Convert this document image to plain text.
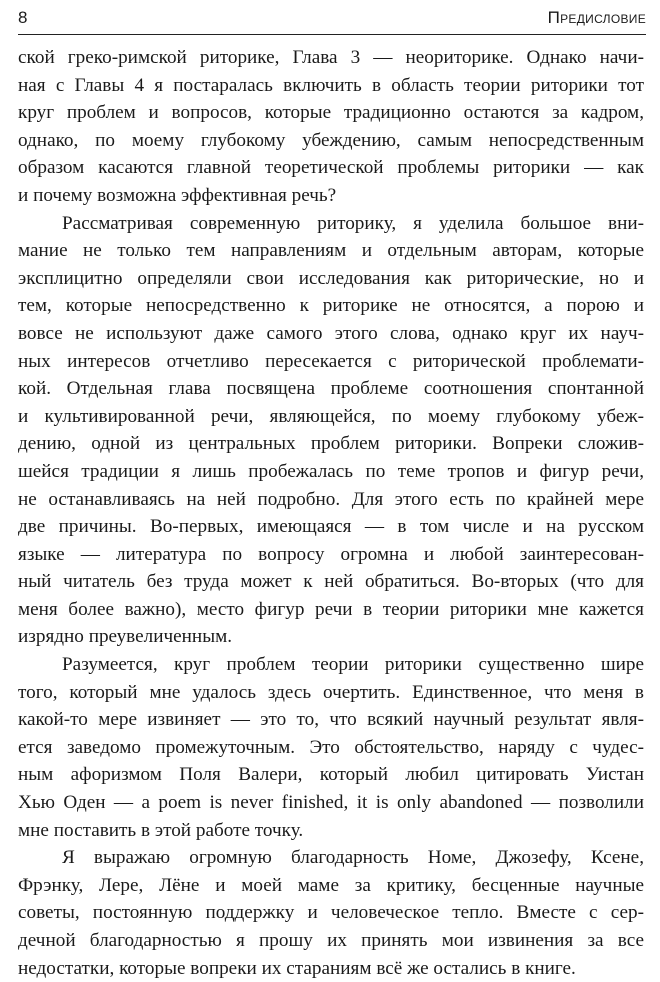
8	Предисловие
ской греко-римской риторике, Глава 3 — неориторике. Однако начи-
ная с Главы 4 я постаралась включить в область теории риторики тот
круг проблем и вопросов, которые традиционно остаются за кадром,
однако, по моему глубокому убеждению, самым непосредственным
образом касаются главной теоретической проблемы риторики — как
и почему возможна эффективная речь?
Рассматривая современную риторику, я уделила большое вни-
мание не только тем направлениям и отдельным авторам, которые
эксплицитно определяли свои исследования как риторические, но и
тем, которые непосредственно к риторике не относятся, а порою и
вовсе не используют даже самого этого слова, однако круг их науч-
ных интересов отчетливо пересекается с риторической проблемати-
кой. Отдельная глава посвящена проблеме соотношения спонтанной
и культивированной речи, являющейся, по моему глубокому убеж-
дению, одной из центральных проблем риторики. Вопреки сложив-
шейся традиции я лишь пробежалась по теме тропов и фигур речи,
не останавливаясь на ней подробно. Для этого есть по крайней мере
две причины. Во-первых, имеющаяся — в том числе и на русском
языке — литература по вопросу огромна и любой заинтересован-
ный читатель без труда может к ней обратиться. Во-вторых (что для
меня более важно), место фигур речи в теории риторики мне кажется
изрядно преувеличенным.
Разумеется, круг проблем теории риторики существенно шире
того, который мне удалось здесь очертить. Единственное, что меня в
какой-то мере извиняет — это то, что всякий научный результат явля-
ется заведомо промежуточным. Это обстоятельство, наряду с чудес-
ным афоризмом Поля Валери, который любил цитировать Уистан
Хью Оден — a poem is never finished, it is only abandoned — позволили
мне поставить в этой работе точку.
Я выражаю огромную благодарность Номе, Джозефу, Ксене,
Фрэнку, Лере, Лёне и моей маме за критику, бесценные научные
советы, постоянную поддержку и человеческое тепло. Вместе с сер-
дечной благодарностью я прошу их принять мои извинения за все
недостатки, которые вопреки их стараниям всё же остались в книге.
